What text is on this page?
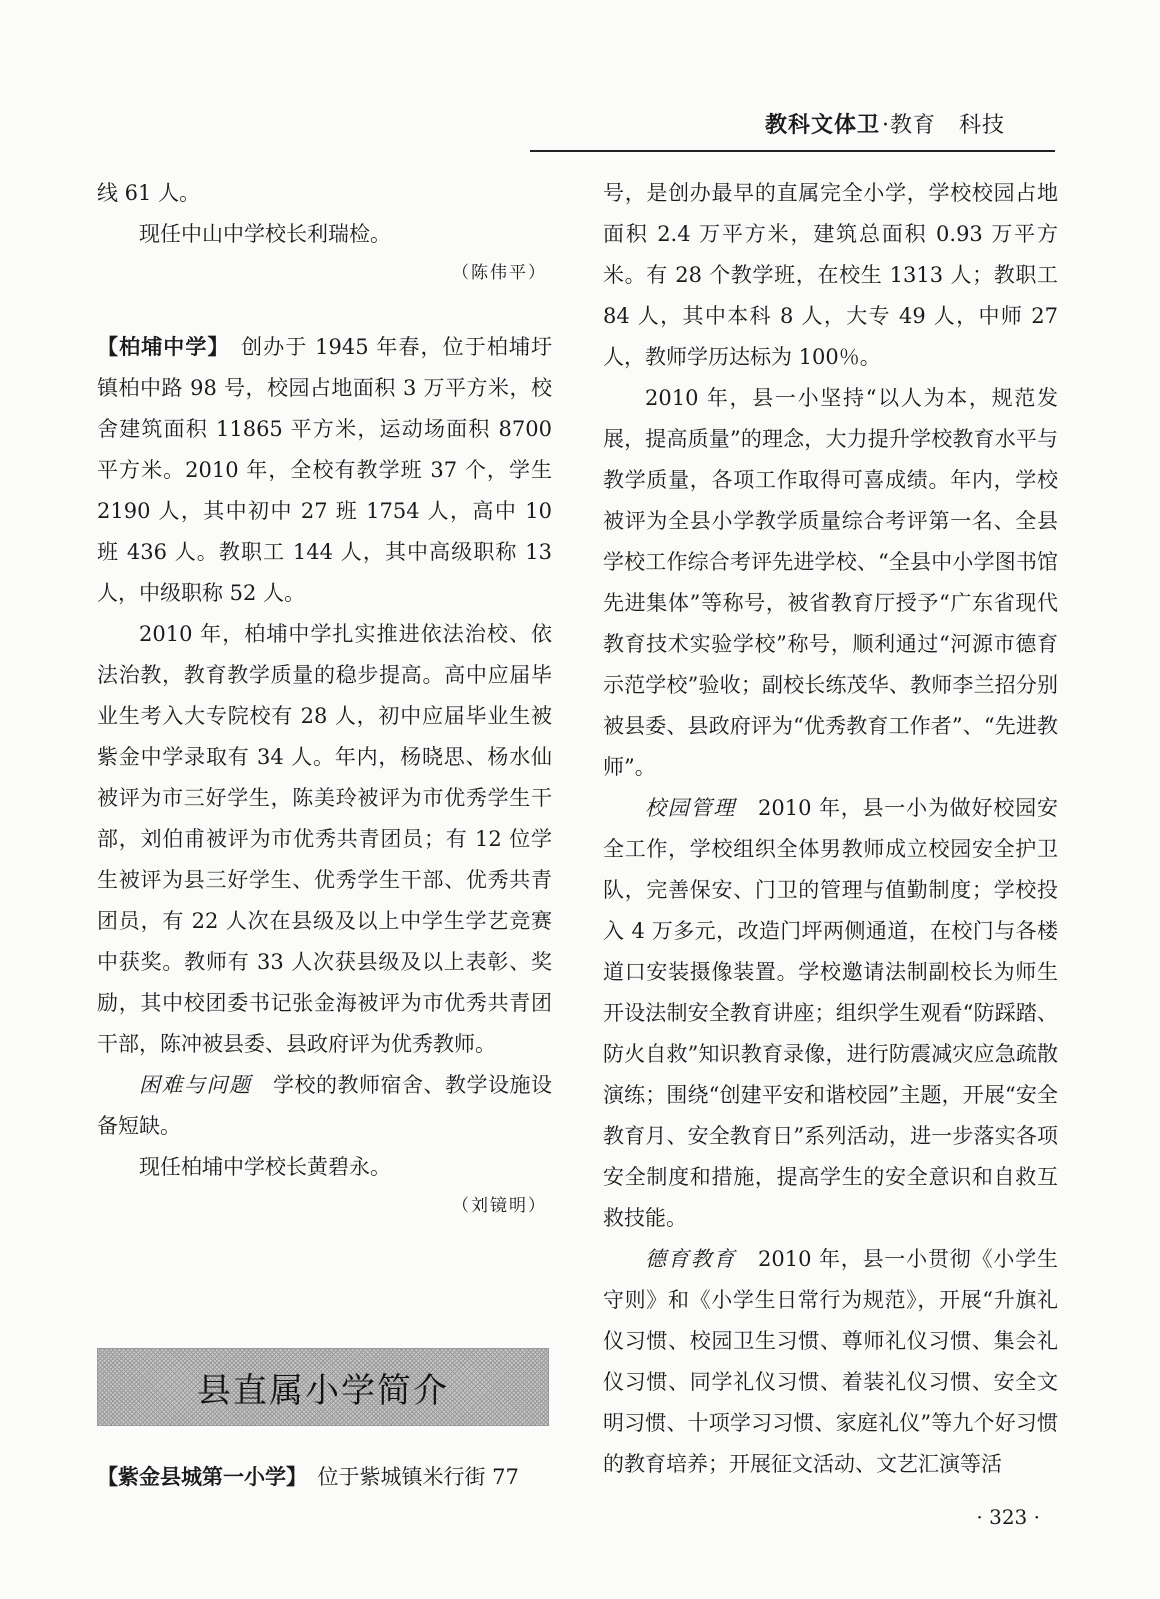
教科文体卫·教育　科技

线 61 人。

现任中山中学校长利瑞检。

（陈伟平）

【柏埔中学】　 创办于 1945 年春，位于柏埔圩镇柏中路 98 号，校园占地面积 3 万平方米，校舍建筑面积 11865 平方米，运动场面积 8700 平方米。2010 年，全校有教学班 37 个，学生 2190 人，其中初中 27 班 1754 人，高中 10 班 436 人。教职工 144 人，其中高级职称 13 人，中级职称 52 人。

2010 年，柏埔中学扎实推进依法治校、依法治教，教育教学质量的稳步提高。高中应届毕业生考入大专院校有 28 人，初中应届毕业生被紫金中学录取有 34 人。年内，杨晓思、杨水仙被评为市三好学生，陈美玲被评为市优秀学生干部，刘伯甫被评为市优秀共青团员；有 12 位学生被评为县三好学生、优秀学生干部、优秀共青团员，有 22 人次在县级及以上中学生学艺竞赛中获奖。教师有 33 人次获县级及以上表彰、奖励，其中校团委书记张金海被评为市优秀共青团干部，陈冲被县委、县政府评为优秀教师。

困难与问题　 学校的教师宿舍、教学设施设备短缺。

现任柏埔中学校长黄碧永。

（刘镜明）

县直属小学简介
【紫金县城第一小学】　 位于紫城镇米行街 77

号，是创办最早的直属完全小学，学校校园占地面积 2.4 万平方米，建筑总面积 0.93 万平方米。有 28 个教学班，在校生 1313 人；教职工 84 人，其中本科 8 人，大专 49 人，中师 27 人，教师学历达标为 100％。

2010 年，县一小坚持“以人为本，规范发展，提高质量”的理念，大力提升学校教育水平与教学质量，各项工作取得可喜成绩。年内，学校被评为全县小学教学质量综合考评第一名、全县学校工作综合考评先进学校、“全县中小学图书馆先进集体”等称号，被省教育厅授予“广东省现代教育技术实验学校”称号，顺利通过“河源市德育示范学校”验收；副校长练茂华、教师李兰招分别被县委、县政府评为“优秀教育工作者”、“先进教师”。

校园管理　 2010 年，县一小为做好校园安全工作，学校组织全体男教师成立校园安全护卫队，完善保安、门卫的管理与值勤制度；学校投入 4 万多元，改造门坪两侧通道，在校门与各楼道口安装摄像装置。学校邀请法制副校长为师生开设法制安全教育讲座；组织学生观看“防踩踏、防火自救”知识教育录像，进行防震减灾应急疏散演练；围绕“创建平安和谐校园”主题，开展“安全教育月、安全教育日”系列活动，进一步落实各项安全制度和措施，提高学生的安全意识和自救互救技能。

德育教育　 2010 年，县一小贯彻《小学生守则》和《小学生日常行为规范》，开展“升旗礼仪习惯、校园卫生习惯、尊师礼仪习惯、集会礼仪习惯、同学礼仪习惯、着装礼仪习惯、安全文明习惯、十项学习习惯、家庭礼仪”等九个好习惯的教育培养；开展征文活动、文艺汇演等活

· 323 ·
